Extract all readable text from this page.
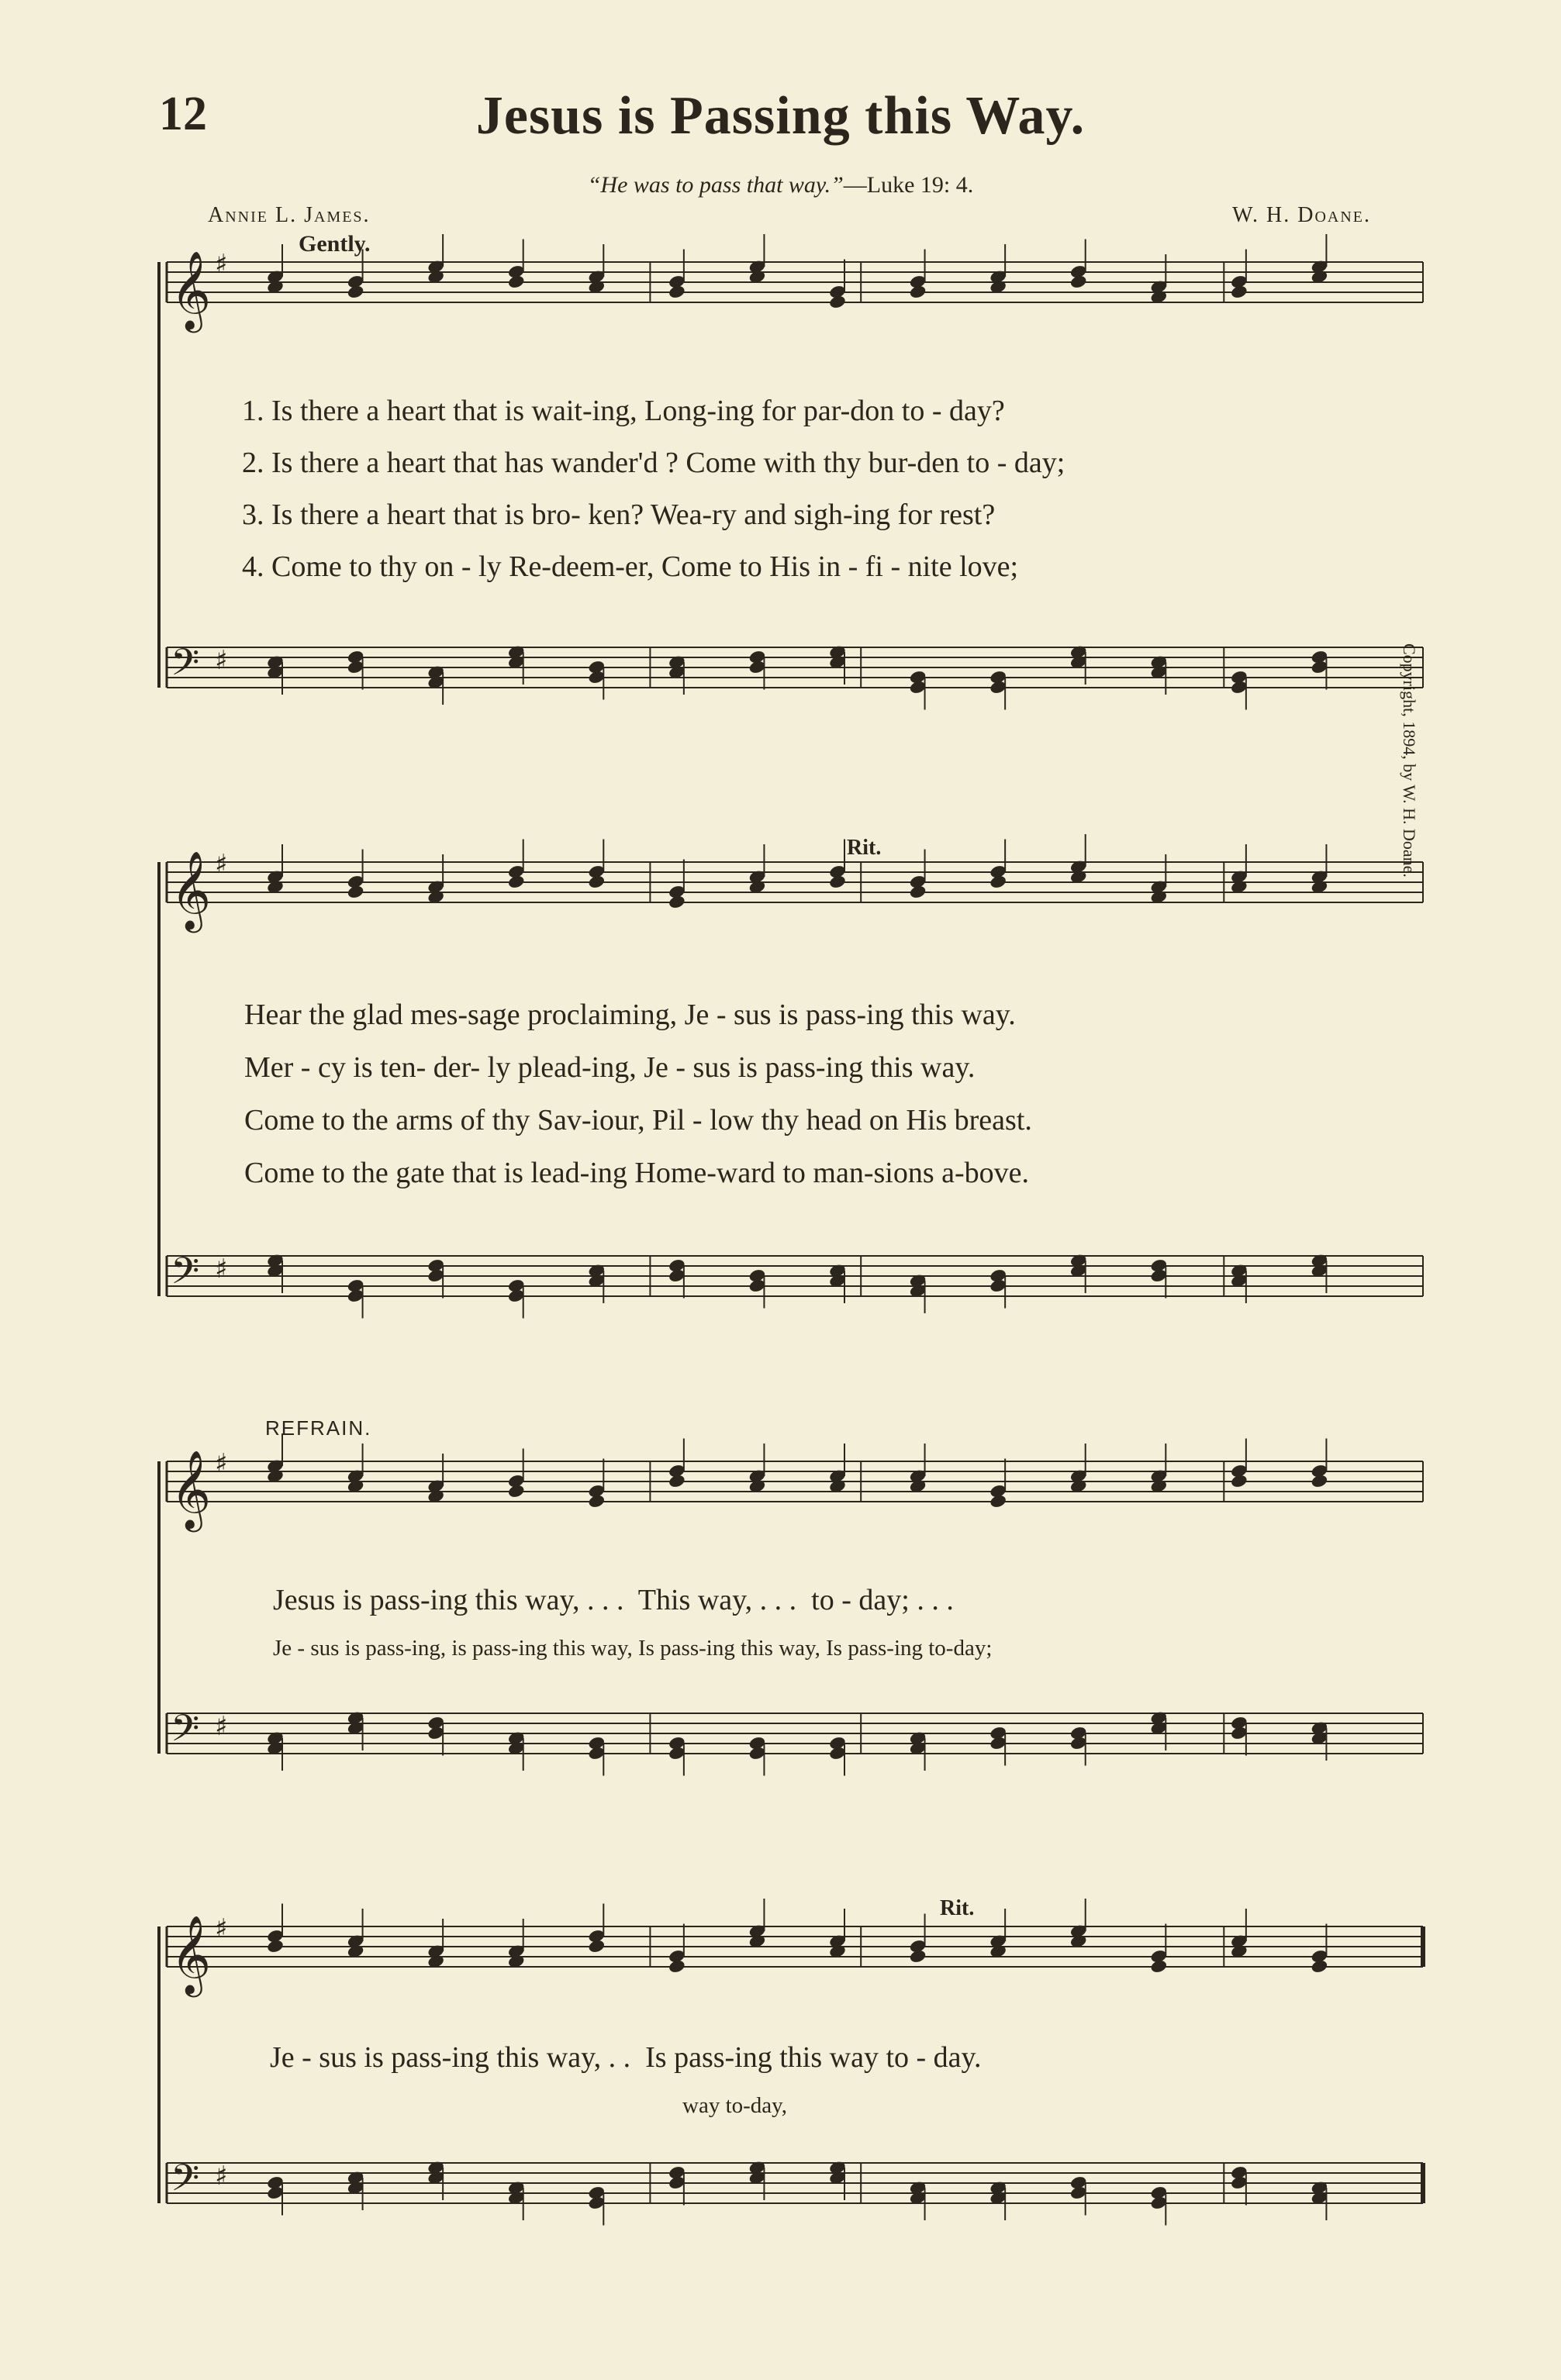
12	Jesus is Passing this Way.
“He was to pass that way.”—Luke 19: 4.
Annie L. James.	W. H. Doane.
Gently.
Rit.
REFRAIN.
Rit.
𝄞 ♯
𝄢 ♯
𝄞 ♯
𝄢 ♯
𝄞 ♯
𝄢 ♯
𝄞 ♯
𝄢 ♯
1. Is there a heart that is wait-ing, Long-ing for par-don to - day?
2. Is there a heart that has wander'd ? Come with thy bur-den to - day;
3. Is there a heart that is bro- ken? Wea-ry and sigh-ing for rest?
4. Come to thy on - ly Re-deem-er, Come to His in - fi - nite love;
Hear the glad mes-sage proclaiming, Je - sus is pass-ing this way.
Mer - cy is ten- der- ly plead-ing, Je - sus is pass-ing this way.
Come to the arms of thy Sav-iour, Pil - low thy head on His breast.
Come to the gate that is lead-ing Home-ward to man-sions a-bove.
Jesus is pass-ing this way, . . .  This way, . . .  to - day; . . .
Je - sus is pass-ing, is pass-ing this way, Is pass-ing this way, Is pass-ing to-day;
Je - sus is pass-ing this way, . .  Is pass-ing this way to - day.
way to-day,
Copyright, 1894, by W. H. Doane.
